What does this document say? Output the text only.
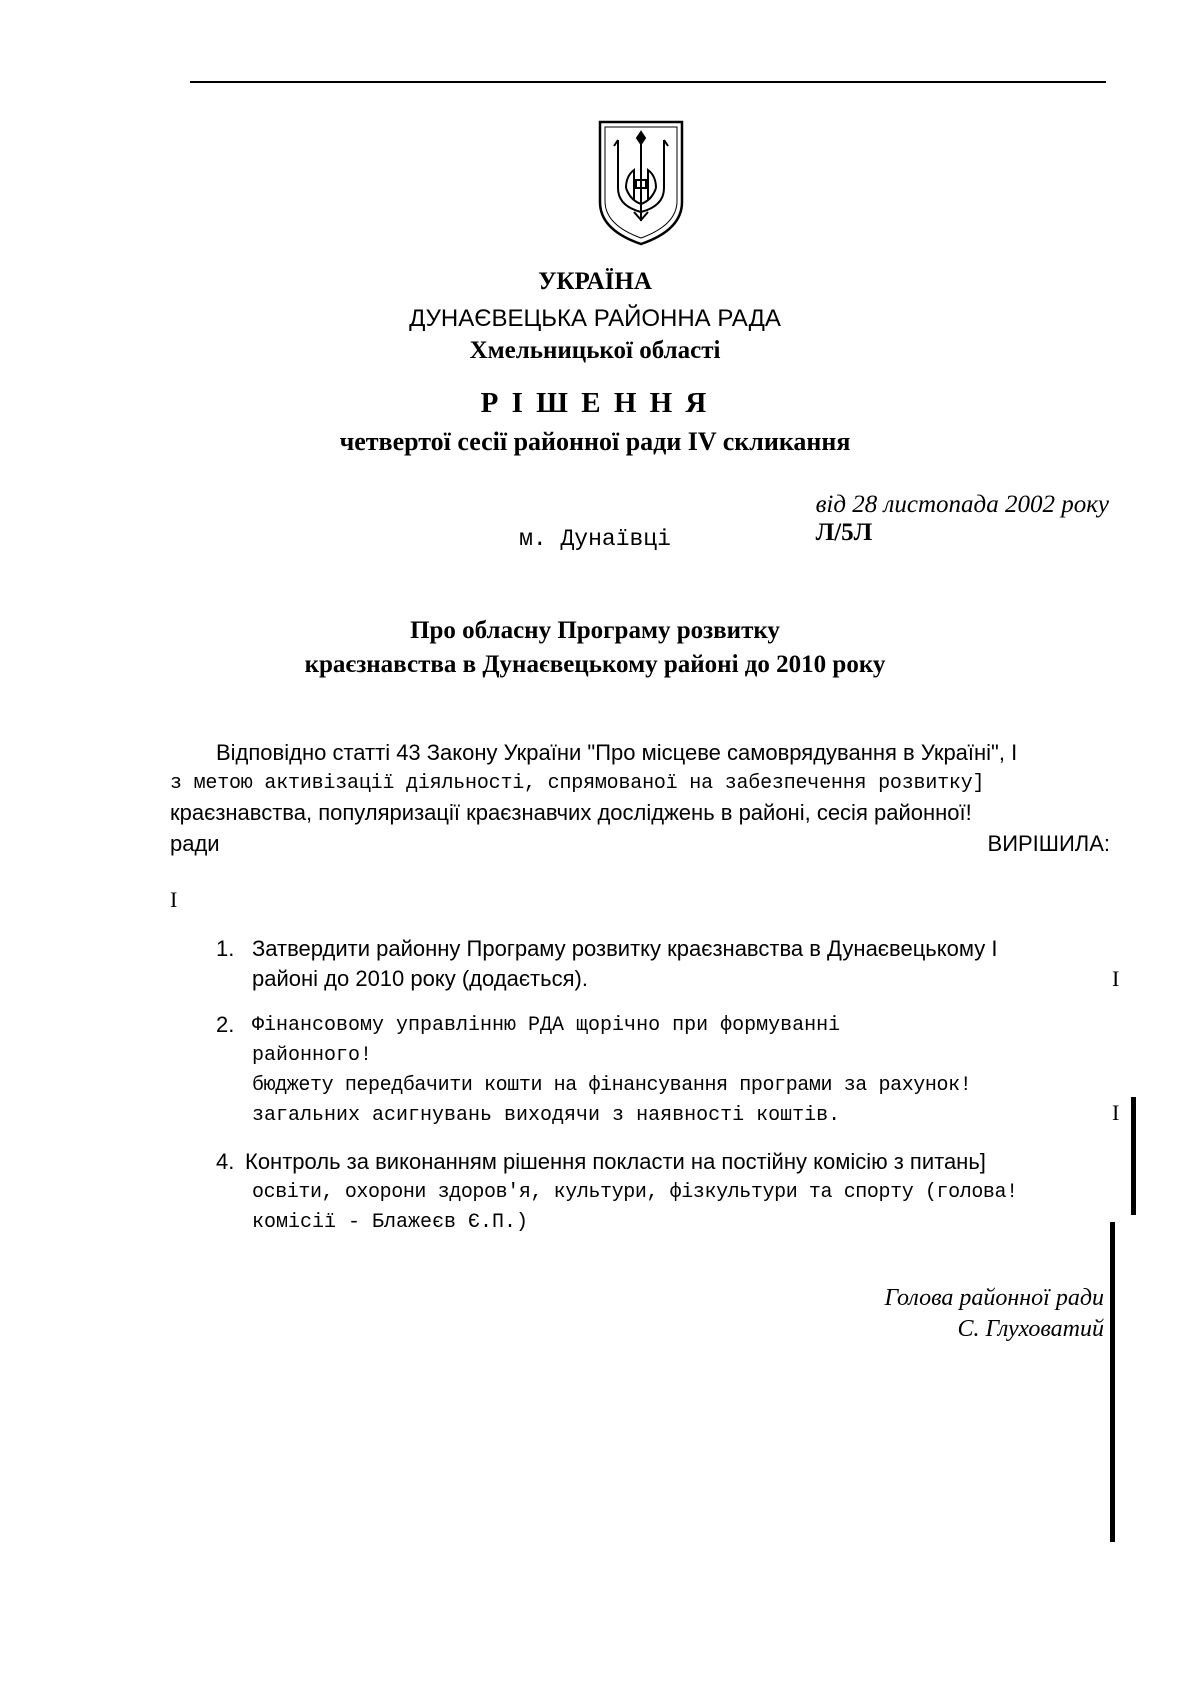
УКРАЇНА
ДУНАЄВЕЦЬКА РАЙОННА РАДА
Хмельницької області
Р І Ш Е Н Н Я
четвертої сесії районної ради ІV скликання

від 28 листопада 2002 року
Л/5Л

м. Дунаївці
Про обласну Програму розвитку
краєзнавства в Дунаєвецькому районі до 2010 року
Відповідно статті 43 Закону України "Про місцеве самоврядування в Україні", І
з метою активізації діяльності, спрямованої на забезпечення розвитку]
краєзнавства, популяризації краєзнавчих досліджень в районі, сесія районної!
ради	ВИРІШИЛА:
І
1. Затвердити районну Програму розвитку краєзнавства в Дунаєвецькому І
районі до 2010 року (додається).	І
2. Фінансовому управлінню РДА щорічно при формуванні
районного!
бюджету передбачити кошти на фінансування програми за рахунок!
загальних асигнувань виходячи з наявності коштів.	І
4. Контроль за виконанням рішення покласти на постійну комісію з питань]
освіти, охорони здоров'я, культури, фізкультури та спорту (голова!
комісії - Блажеєв Є.П.)
Голова районної ради
С. Глуховатий
